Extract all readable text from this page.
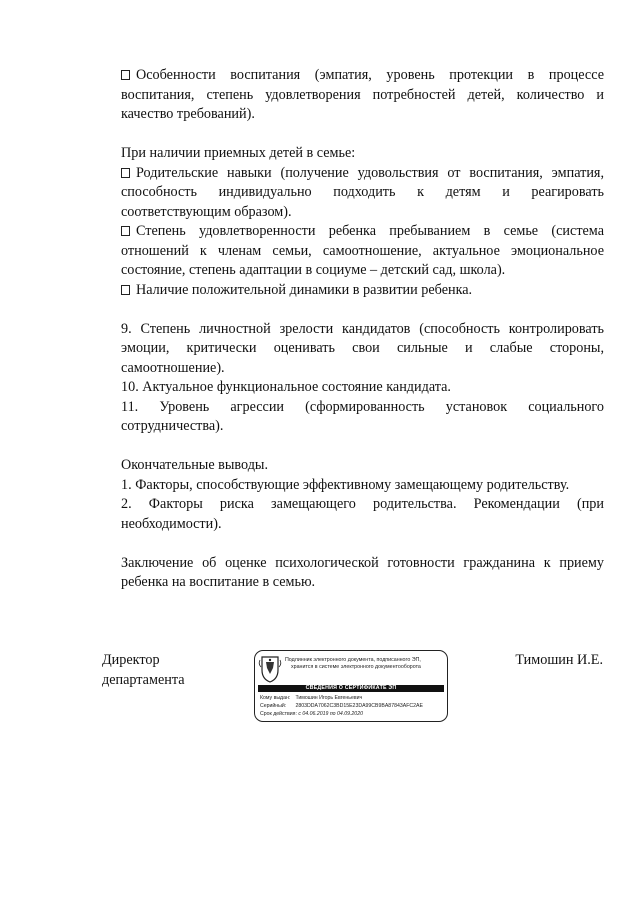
Особенности воспитания (эмпатия, уровень протекции в процессе воспитания, степень удовлетворения потребностей детей, количество и качество требований).

При наличии приемных детей в семье:

Родительские навыки (получение удовольствия от воспитания, эмпатия, способность индивидуально подходить к детям и реагировать соответствующим образом).

Степень удовлетворенности ребенка пребыванием в семье (система отношений к членам семьи, самоотношение, актуальное эмоциональное состояние, степень адаптации в социуме – детский сад, школа).

Наличие положительной динамики в развитии ребенка.

9. Степень личностной зрелости кандидатов (способность контролировать эмоции, критически оценивать свои сильные и слабые стороны, самоотношение).

10. Актуальное функциональное состояние кандидата.

11. Уровень агрессии (сформированность установок социального сотрудничества).

Окончательные выводы.

1. Факторы, способствующие эффективному замещающему родительству.

2. Факторы риска замещающего родительства. Рекомендации (при необходимости).

Заключение об оценке психологической готовности гражданина к приему ребенка на воспитание в семью.

Директор
департамента
Тимошин И.Е.
Подлинник электронного документа, подписанного ЭП,
хранится в системе электронного документооборота
СВЕДЕНИЯ О СЕРТИФИКАТЕ ЭП
Кому выдан: Тимошин Игорь Евгеньевич
Серийный: 2803DDA7062C3BD15E23DA99CB9BA87843AFC2AE
Срок действия: с 04.06.2019 по 04.09.2020
